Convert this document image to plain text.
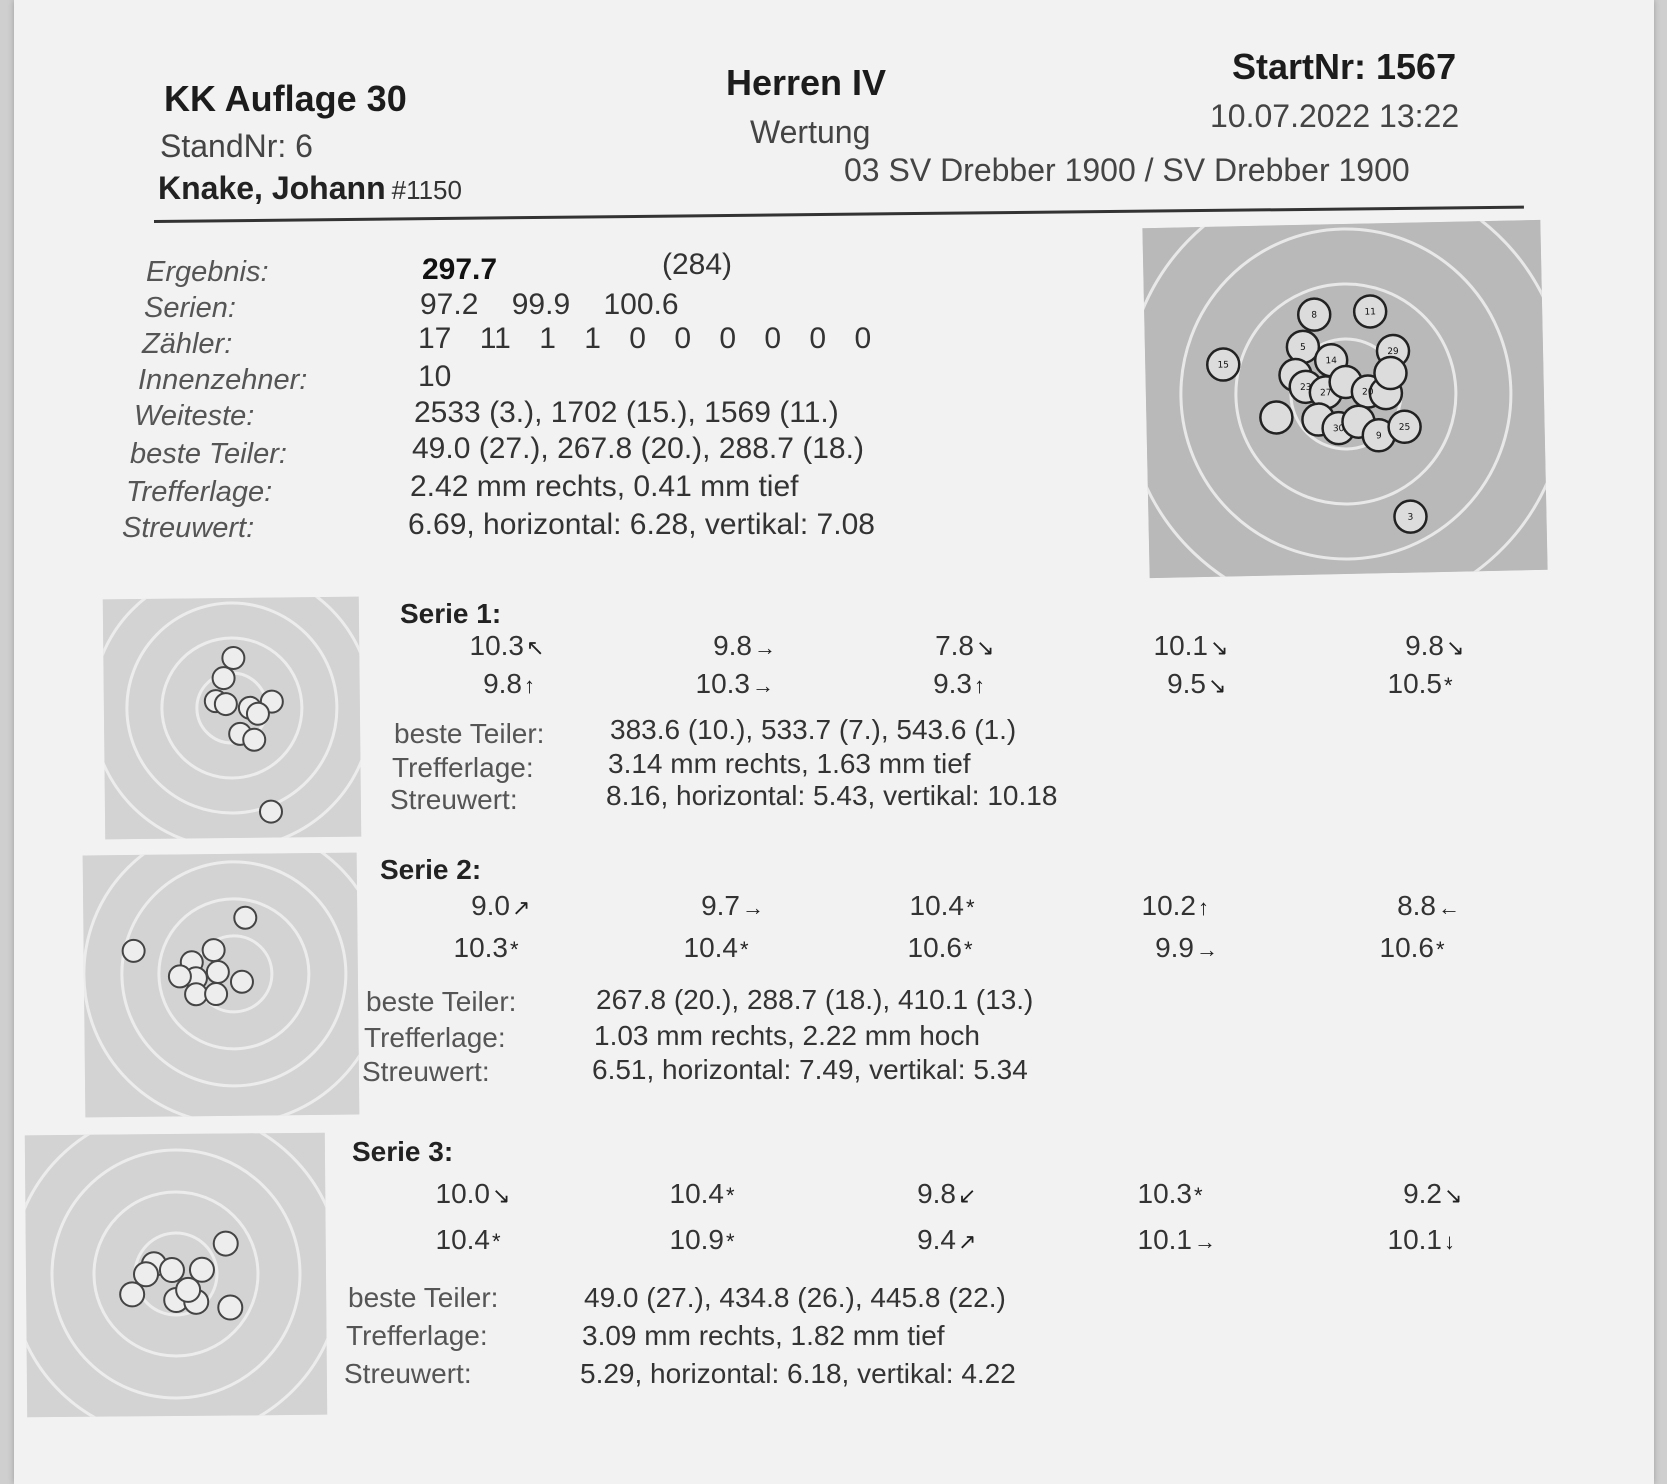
KK Auflage 30
StandNr: 6
Knake, Johann #1150
Herren IV
Wertung
StartNr: 1567
10.07.2022 13:22
03 SV Drebber 1900 / SV Drebber 1900
Ergebnis:	297.7	(284)
Serien:	97.2 99.9 100.6
Zähler:	17 11 1 1 0 0 0 0 0 0
Innenzehner:	10
Weiteste:	2533 (3.), 1702 (15.), 1569 (11.)
beste Teiler:	49.0 (27.), 267.8 (20.), 288.7 (18.)
Trefferlage:	2.42 mm rechts, 0.41 mm tief
Streuwert:	6.69, horizontal: 6.28, vertikal: 7.08
8	11
15
5
14
29
23
27	20
30	25
9
3
Serie 1:
10.3↖	9.8→	7.8↘	10.1↘	9.8↘
9.8↑	10.3→	9.3↑	9.5↘	10.5*
beste Teiler: 383.6 (10.), 533.7 (7.), 543.6 (1.)
Trefferlage:	3.14 mm rechts, 1.63 mm tief
Streuwert:	8.16, horizontal: 5.43, vertikal: 10.18
Serie 2:
9.0↗	9.7→	10.4*	10.2↑	8.8←
10.3*	10.4*	10.6*	9.9→	10.6*
beste Teiler:	267.8 (20.), 288.7 (18.), 410.1 (13.)
Trefferlage:	1.03 mm rechts, 2.22 mm hoch
Streuwert:	6.51, horizontal: 7.49, vertikal: 5.34
Serie 3:
10.0↘	10.4*	9.8↙	10.3*	9.2↘
10.4*	10.9*	9.4↗	10.1→	10.1↓
beste Teiler:	49.0 (27.), 434.8 (26.), 445.8 (22.)
Trefferlage:	3.09 mm rechts, 1.82 mm tief
Streuwert:	5.29, horizontal: 6.18, vertikal: 4.22
